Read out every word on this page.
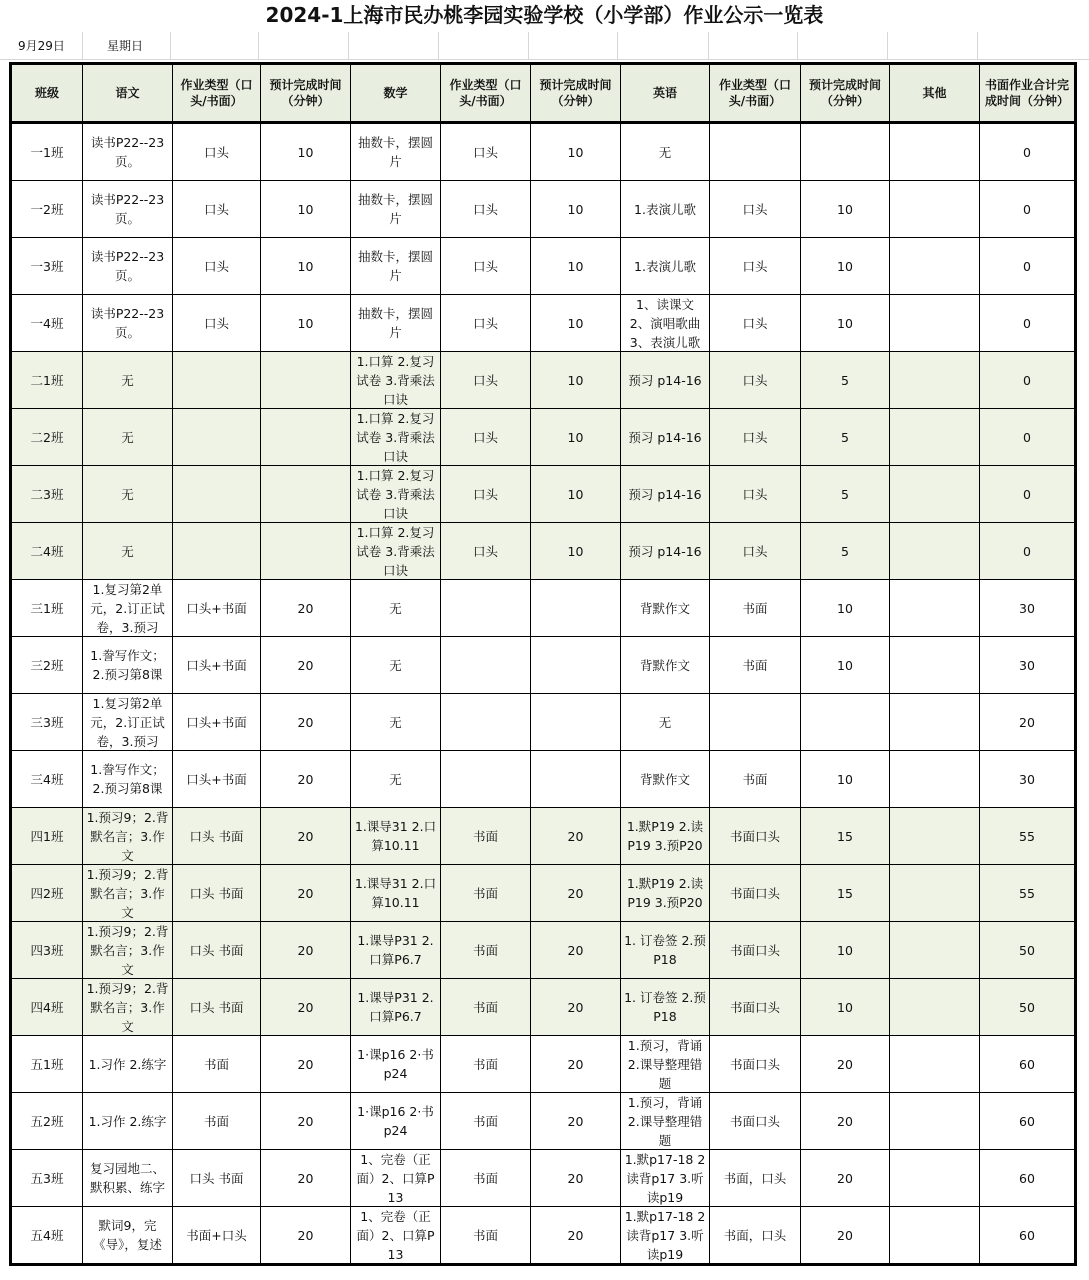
2024-1上海市民办桃李园实验学校（小学部）作业公示一览表
9月29日	星期日
班级	语文	作业类型（口头/书面）	预计完成时间（分钟）	数学	作业类型（口头/书面）	预计完成时间（分钟）	英语	作业类型（口头/书面）	预计完成时间（分钟）	其他	书面作业合计完成时间（分钟）

一1班	读书P22--23页。	口头	10	抽数卡，摆圆片	口头	10	无				0

一2班	读书P22--23页。	口头	10	抽数卡，摆圆片	口头	10	1.表演儿歌	口头	10		0

一3班	读书P22--23页。	口头	10	抽数卡，摆圆片	口头	10	1.表演儿歌	口头	10		0

一4班	读书P22--23页。	口头	10	抽数卡，摆圆片	口头	10	1、读课文 2、演唱歌曲 3、表演儿歌	口头	10		0

二1班	无			1.口算 2.复习试卷 3.背乘法口诀	口头	10	预习 p14-16	口头	5		0

二2班	无			1.口算 2.复习试卷 3.背乘法口诀	口头	10	预习 p14-16	口头	5		0

二3班	无			1.口算 2.复习试卷 3.背乘法口诀	口头	10	预习 p14-16	口头	5		0

二4班	无			1.口算 2.复习试卷 3.背乘法口诀	口头	10	预习 p14-16	口头	5		0

三1班	1.复习第2单元，2.订正试卷，3.预习	口头+书面	20	无			背默作文	书面	10		30

三2班	1.誊写作文；2.预习第8课	口头+书面	20	无			背默作文	书面	10		30

三3班	1.复习第2单元，2.订正试卷，3.预习	口头+书面	20	无			无				20

三4班	1.誊写作文；2.预习第8课	口头+书面	20	无			背默作文	书面	10		30

四1班	1.预习9；2.背默名言；3.作文	口头 书面	20	1.课导31 2.口算10.11	书面	20	1.默P19 2.读P19 3.预P20	书面口头	15		55

四2班	1.预习9；2.背默名言；3.作文	口头 书面	20	1.课导31 2.口算10.11	书面	20	1.默P19 2.读P19 3.预P20	书面口头	15		55

四3班	1.预习9；2.背默名言；3.作文	口头 书面	20	1.课导P31 2.口算P6.7	书面	20	1. 订卷签 2.预P18	书面口头	10		50

四4班	1.预习9；2.背默名言；3.作文	口头 书面	20	1.课导P31 2.口算P6.7	书面	20	1. 订卷签 2.预P18	书面口头	10		50

五1班	1.习作 2.练字	书面	20	1·课p16 2·书p24	书面	20	1.预习，背诵 2.课导整理错题	书面口头	20		60

五2班	1.习作 2.练字	书面	20	1·课p16 2·书p24	书面	20	1.预习，背诵 2.课导整理错题	书面口头	20		60

五3班	复习园地二、默积累、练字	口头 书面	20	1、完卷（正面）2、口算P13	书面	20	1.默p17-18 2读背p17 3.听读p19	书面，口头	20		60

五4班	默词9，完《导》，复述	书面+口头	20	1、完卷（正面）2、口算P13	书面	20	1.默p17-18 2读背p17 3.听读p19	书面，口头	20		60
